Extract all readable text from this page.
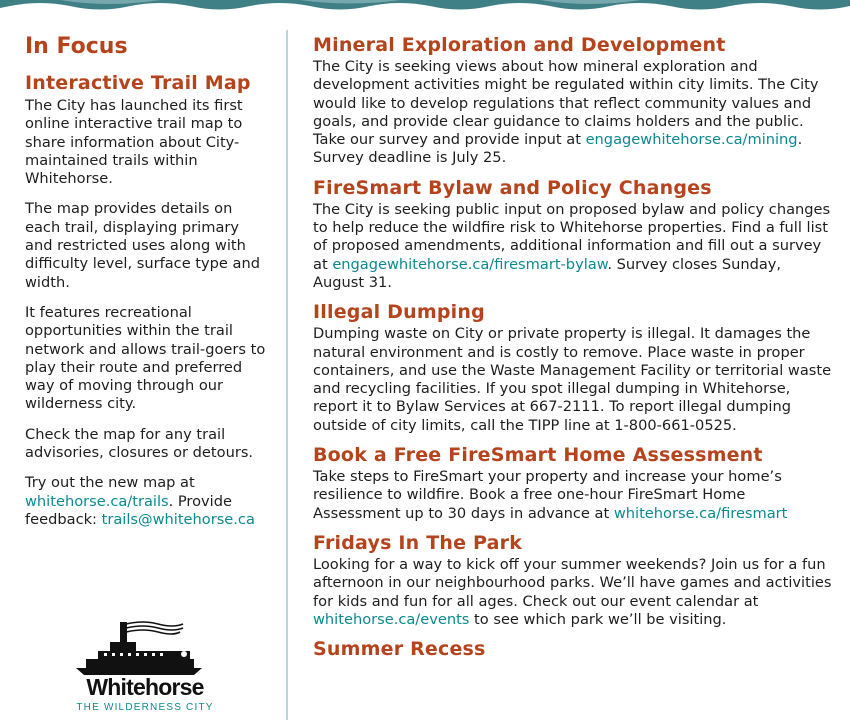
In Focus
Interactive Trail Map

The City has launched its first online interactive trail map to share information about City-maintained trails within Whitehorse.

The map provides details on each trail, displaying primary and restricted uses along with difficulty level, surface type and width.

It features recreational opportunities within the trail network and allows trail-goers to play their route and preferred way of moving through our wilderness city.

Check the map for any trail advisories, closures or detours.

Try out the new map at whitehorse.ca/trails. Provide feedback: trails@whitehorse.ca

Whitehorse
THE WILDERNESS CITY
Mineral Exploration and Development

The City is seeking views about how mineral exploration and development activities might be regulated within city limits. The City would like to develop regulations that reflect community values and goals, and provide clear guidance to claims holders and the public. Take our survey and provide input at engagewhitehorse.ca/mining. Survey deadline is July 25.

FireSmart Bylaw and Policy Changes

The City is seeking public input on proposed bylaw and policy changes to help reduce the wildfire risk to Whitehorse properties. Find a full list of proposed amendments, additional information and fill out a survey at engagewhitehorse.ca/firesmart-bylaw. Survey closes Sunday, August 31.

Illegal Dumping

Dumping waste on City or private property is illegal. It damages the natural environment and is costly to remove. Place waste in proper containers, and use the Waste Management Facility or territorial waste and recycling facilities. If you spot illegal dumping in Whitehorse, report it to Bylaw Services at 667-2111. To report illegal dumping outside of city limits, call the TIPP line at 1-800-661-0525.

Book a Free FireSmart Home Assessment

Take steps to FireSmart your property and increase your home’s resilience to wildfire. Book a free one-hour FireSmart Home Assessment up to 30 days in advance at whitehorse.ca/firesmart

Fridays In The Park

Looking for a way to kick off your summer weekends? Join us for a fun afternoon in our neighbourhood parks. We’ll have games and activities for kids and fun for all ages. Check out our event calendar at whitehorse.ca/events to see which park we’ll be visiting.

Summer Recess
